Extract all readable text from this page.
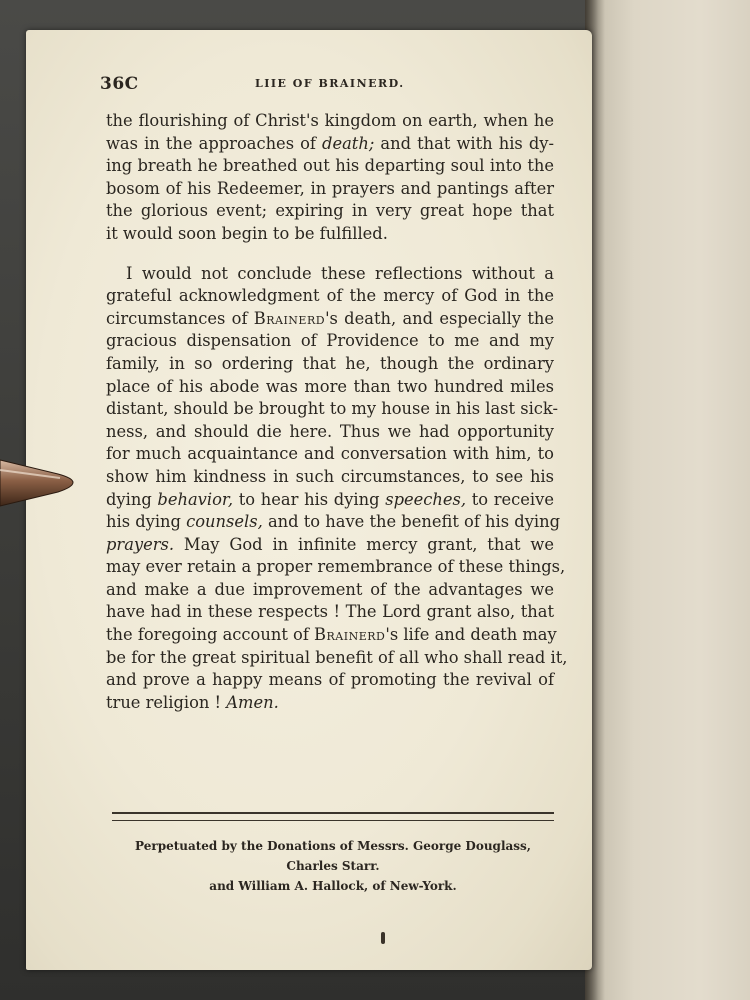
36C	LIIE OF BRAINERD.
the flourishing of Christ's kingdom on earth, when he
was in the approaches of death; and that with his dy-
ing breath he breathed out his departing soul into the
bosom of his Redeemer, in prayers and pantings after
the glorious event; expiring in very great hope that
it would soon begin to be fulfilled.
I would not conclude these reflections without a
grateful acknowledgment of the mercy of God in the
circumstances of Brainerd's death, and especially the
gracious dispensation of Providence to me and my
family, in so ordering that he, though the ordinary
place of his abode was more than two hundred miles
distant, should be brought to my house in his last sick-
ness, and should die here. Thus we had opportunity
for much acquaintance and conversation with him, to
show him kindness in such circumstances, to see his
dying behavior, to hear his dying speeches, to receive
his dying counsels, and to have the benefit of his dying
prayers. May God in infinite mercy grant, that we
may ever retain a proper remembrance of these things,
and make a due improvement of the advantages we
have had in these respects ! The Lord grant also, that
the foregoing account of Brainerd's life and death may
be for the great spiritual benefit of all who shall read it,
and prove a happy means of promoting the revival of
true religion ! Amen.
Perpetuated by the Donations of Messrs. George Douglass, Charles Starr.
and William A. Hallock, of New-York.
